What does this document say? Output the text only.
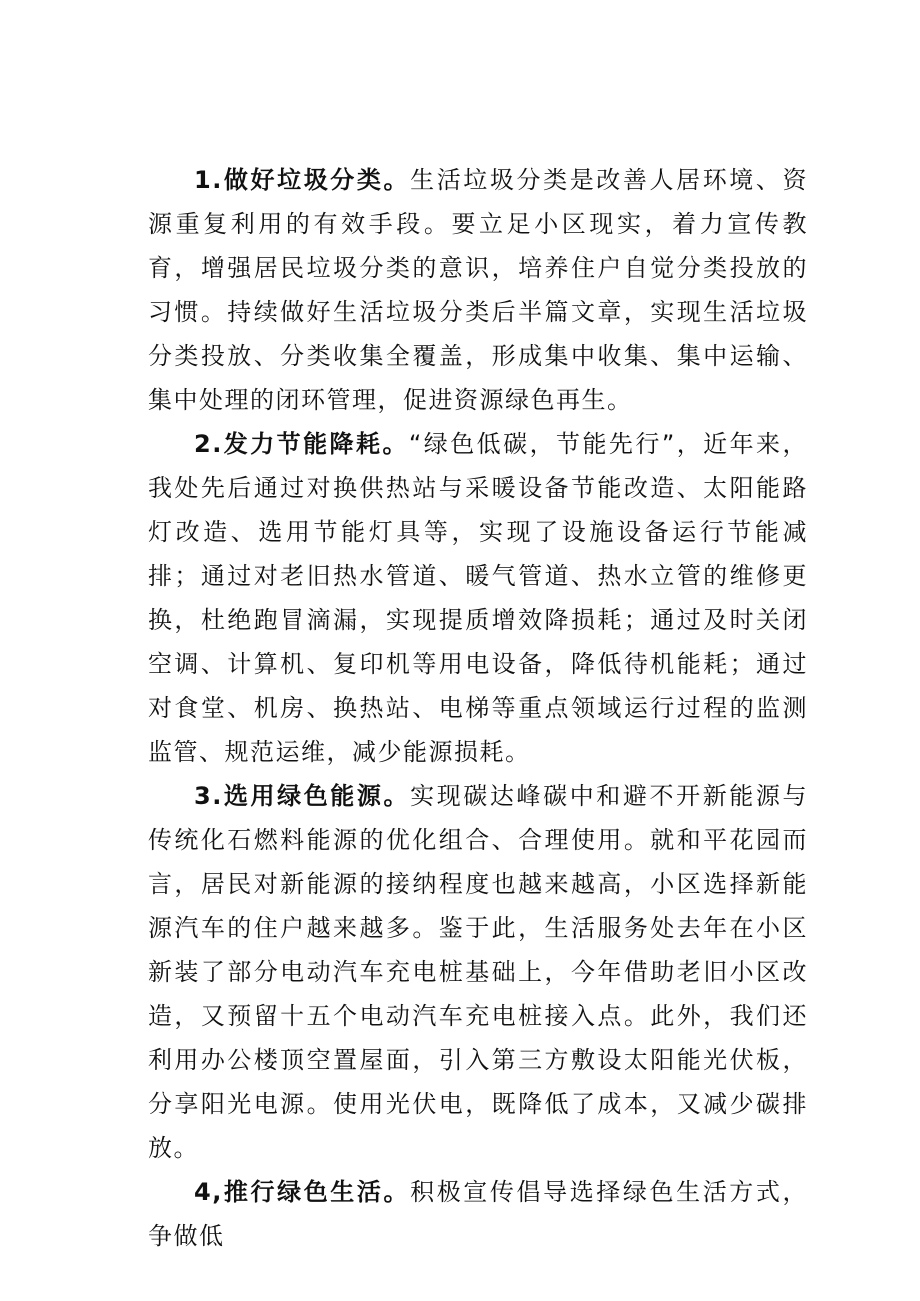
1.做好垃圾分类。生活垃圾分类是改善人居环境、资源重复利用的有效手段。要立足小区现实，着力宣传教育，增强居民垃圾分类的意识，培养住户自觉分类投放的习惯。持续做好生活垃圾分类后半篇文章，实现生活垃圾分类投放、分类收集全覆盖，形成集中收集、集中运输、集中处理的闭环管理，促进资源绿色再生。

2.发力节能降耗。“绿色低碳，节能先行”，近年来，我处先后通过对换供热站与采暖设备节能改造、太阳能路灯改造、选用节能灯具等，实现了设施设备运行节能减排；通过对老旧热水管道、暖气管道、热水立管的维修更换，杜绝跑冒滴漏，实现提质增效降损耗；通过及时关闭空调、计算机、复印机等用电设备，降低待机能耗；通过对食堂、机房、换热站、电梯等重点领域运行过程的监测监管、规范运维，减少能源损耗。

3.选用绿色能源。实现碳达峰碳中和避不开新能源与传统化石燃料能源的优化组合、合理使用。就和平花园而言，居民对新能源的接纳程度也越来越高，小区选择新能源汽车的住户越来越多。鉴于此，生活服务处去年在小区新装了部分电动汽车充电桩基础上，今年借助老旧小区改造，又预留十五个电动汽车充电桩接入点。此外，我们还利用办公楼顶空置屋面，引入第三方敷设太阳能光伏板，分享阳光电源。使用光伏电，既降低了成本，又减少碳排放。

4,推行绿色生活。积极宣传倡导选择绿色生活方式，争做低
